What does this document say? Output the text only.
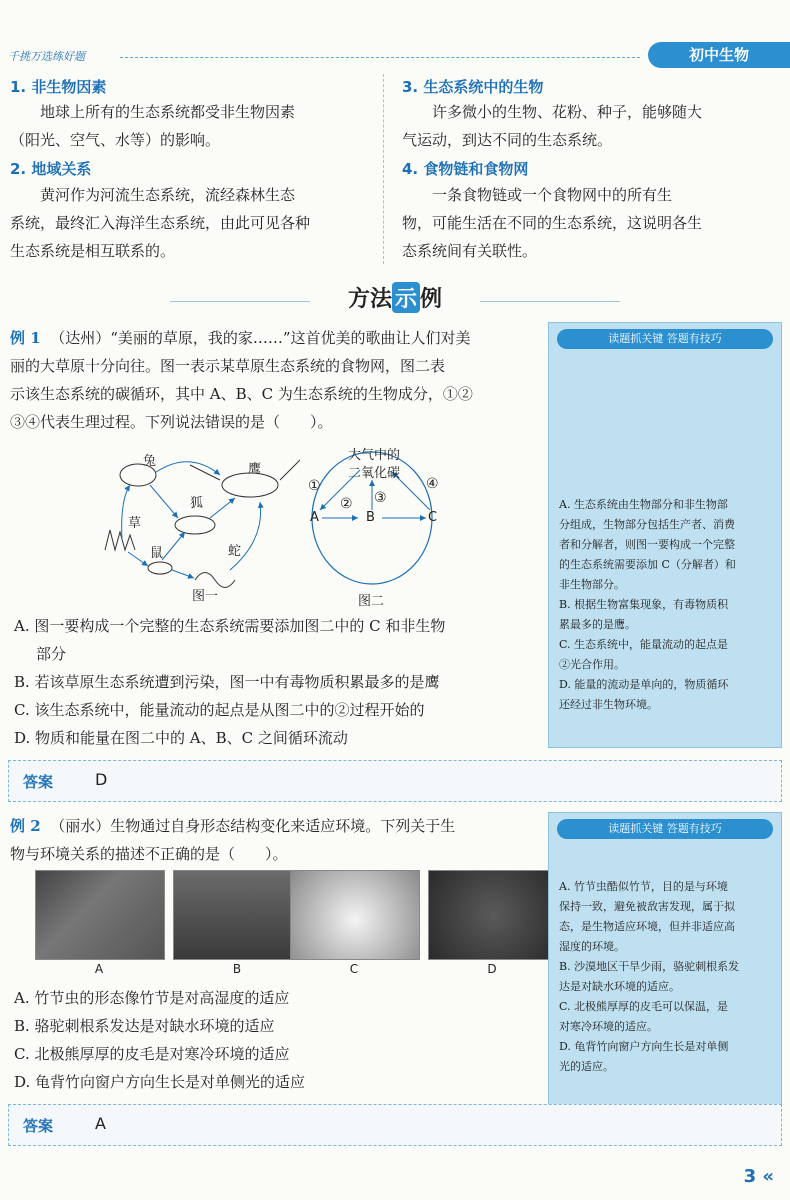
千挑万选练好题	初中生物
1. 非生物因素
地球上所有的生态系统都受非生物因素
（阳光、空气、水等）的影响。
2. 地域关系
黄河作为河流生态系统，流经森林生态
系统，最终汇入海洋生态系统，由此可见各种
生态系统是相互联系的。
3. 生态系统中的生物
许多微小的生物、花粉、种子，能够随大
气运动，到达不同的生态系统。
4. 食物链和食物网
一条食物链或一个食物网中的所有生
物，可能生活在不同的生态系统，这说明各生
态系统间有关联性。
方法 示 例
例 1 （达州）“美丽的草原，我的家……”这首优美的歌曲让人们对美
丽的大草原十分向往。图一表示某草原生态系统的食物网，图二表
示该生态系统的碳循环，其中 A、B、C 为生态系统的生物成分，①②
③④代表生理过程。下列说法错误的是（　　）。
兔
鹰
狐
草
鼠	蛇
图一
大气中的
二氧化碳
A	B	C
①
② ③
④
图二
A. 图一要构成一个完整的生态系统需要添加图二中的 C 和非生物
部分
B. 若该草原生态系统遭到污染，图一中有毒物质积累最多的是鹰
C. 该生态系统中，能量流动的起点是从图二中的②过程开始的
D. 物质和能量在图二中的 A、B、C 之间循环流动
读题抓关键 答题有技巧
A. 生态系统由生物部分和非生物部
分组成，生物部分包括生产者、消费
者和分解者，则图一要构成一个完整
的生态系统需要添加 C（分解者）和
非生物部分。
B. 根据生物富集现象，有毒物质积
累最多的是鹰。
C. 生态系统中，能量流动的起点是
②光合作用。
D. 能量的流动是单向的，物质循环
还经过非生物环境。
答案	D
例 2 （丽水）生物通过自身形态结构变化来适应环境。下列关于生
物与环境关系的描述不正确的是（　　）。
A	B	C	D
A. 竹节虫的形态像竹节是对高湿度的适应
B. 骆驼刺根系发达是对缺水环境的适应
C. 北极熊厚厚的皮毛是对寒冷环境的适应
D. 龟背竹向窗户方向生长是对单侧光的适应
读题抓关键 答题有技巧
A. 竹节虫酷似竹节，目的是与环境
保持一致，避免被敌害发现，属于拟
态，是生物适应环境，但并非适应高
湿度的环境。
B. 沙漠地区干旱少雨，骆驼刺根系发
达是对缺水环境的适应。
C. 北极熊厚厚的皮毛可以保温，是
对寒冷环境的适应。
D. 龟背竹向窗户方向生长是对单侧
光的适应。
答案	A
3 «
